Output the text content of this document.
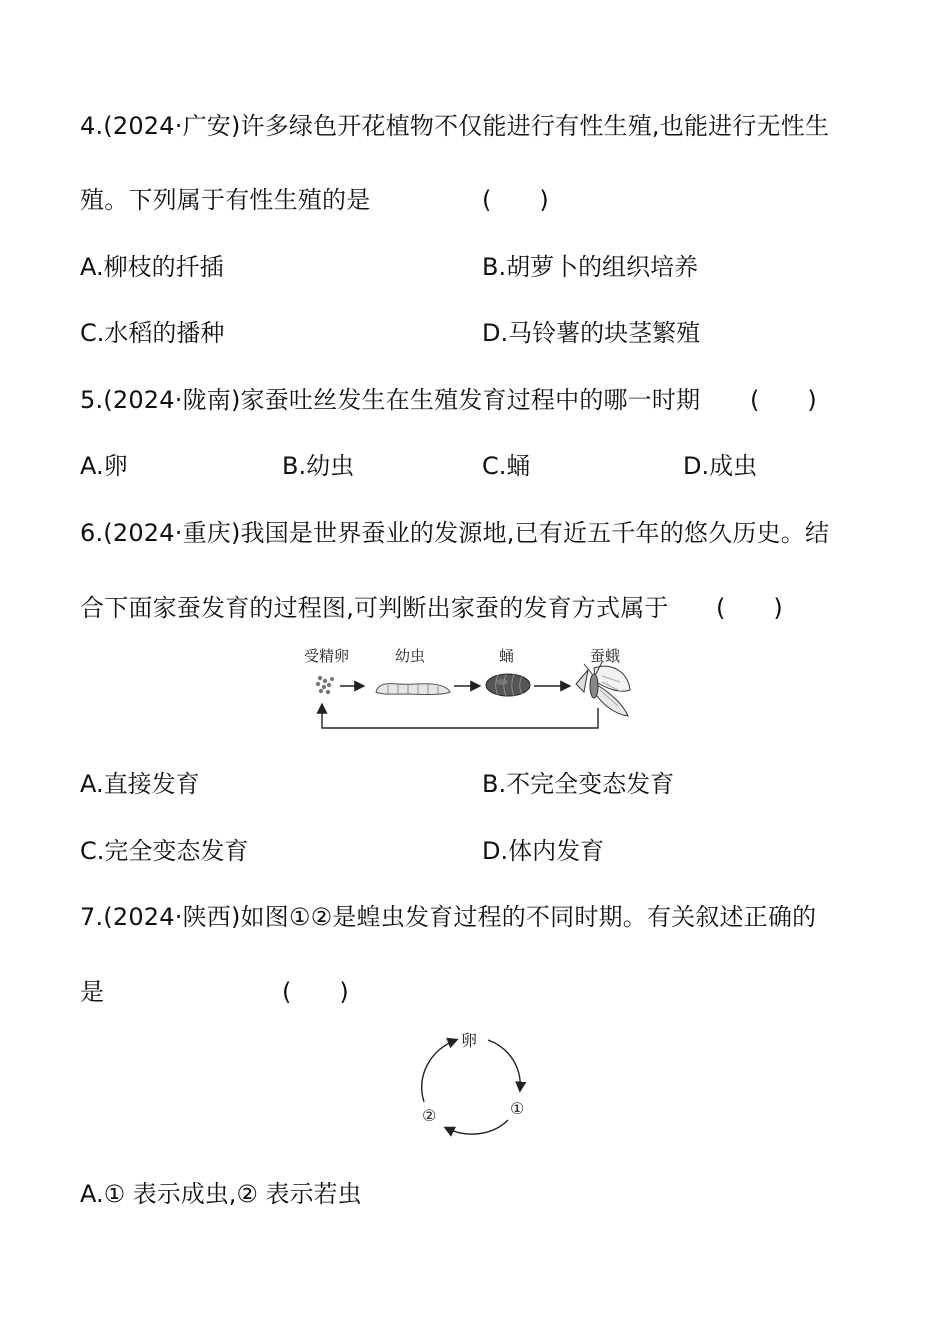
4.(2024·广安)许多绿色开花植物不仅能进行有性生殖,也能进行无性生
殖。下列属于有性生殖的是	(　　)
A.柳枝的扦插	B.胡萝卜的组织培养
C.水稻的播种	D.马铃薯的块茎繁殖
5.(2024·陇南)家蚕吐丝发生在生殖发育过程中的哪一时期 (　　)
A.卵	B.幼虫	C.蛹	D.成虫
6.(2024·重庆)我国是世界蚕业的发源地,已有近五千年的悠久历史。结
合下面家蚕发育的过程图,可判断出家蚕的发育方式属于 (　　)
受精卵	幼虫	蛹	蚕蛾
A.直接发育	B.不完全变态发育
C.完全变态发育	D.体内发育
7.(2024·陕西)如图①②是蝗虫发育过程的不同时期。有关叙述正确的
是	(　　)
卵
①
②
A.① 表示成虫,② 表示若虫
